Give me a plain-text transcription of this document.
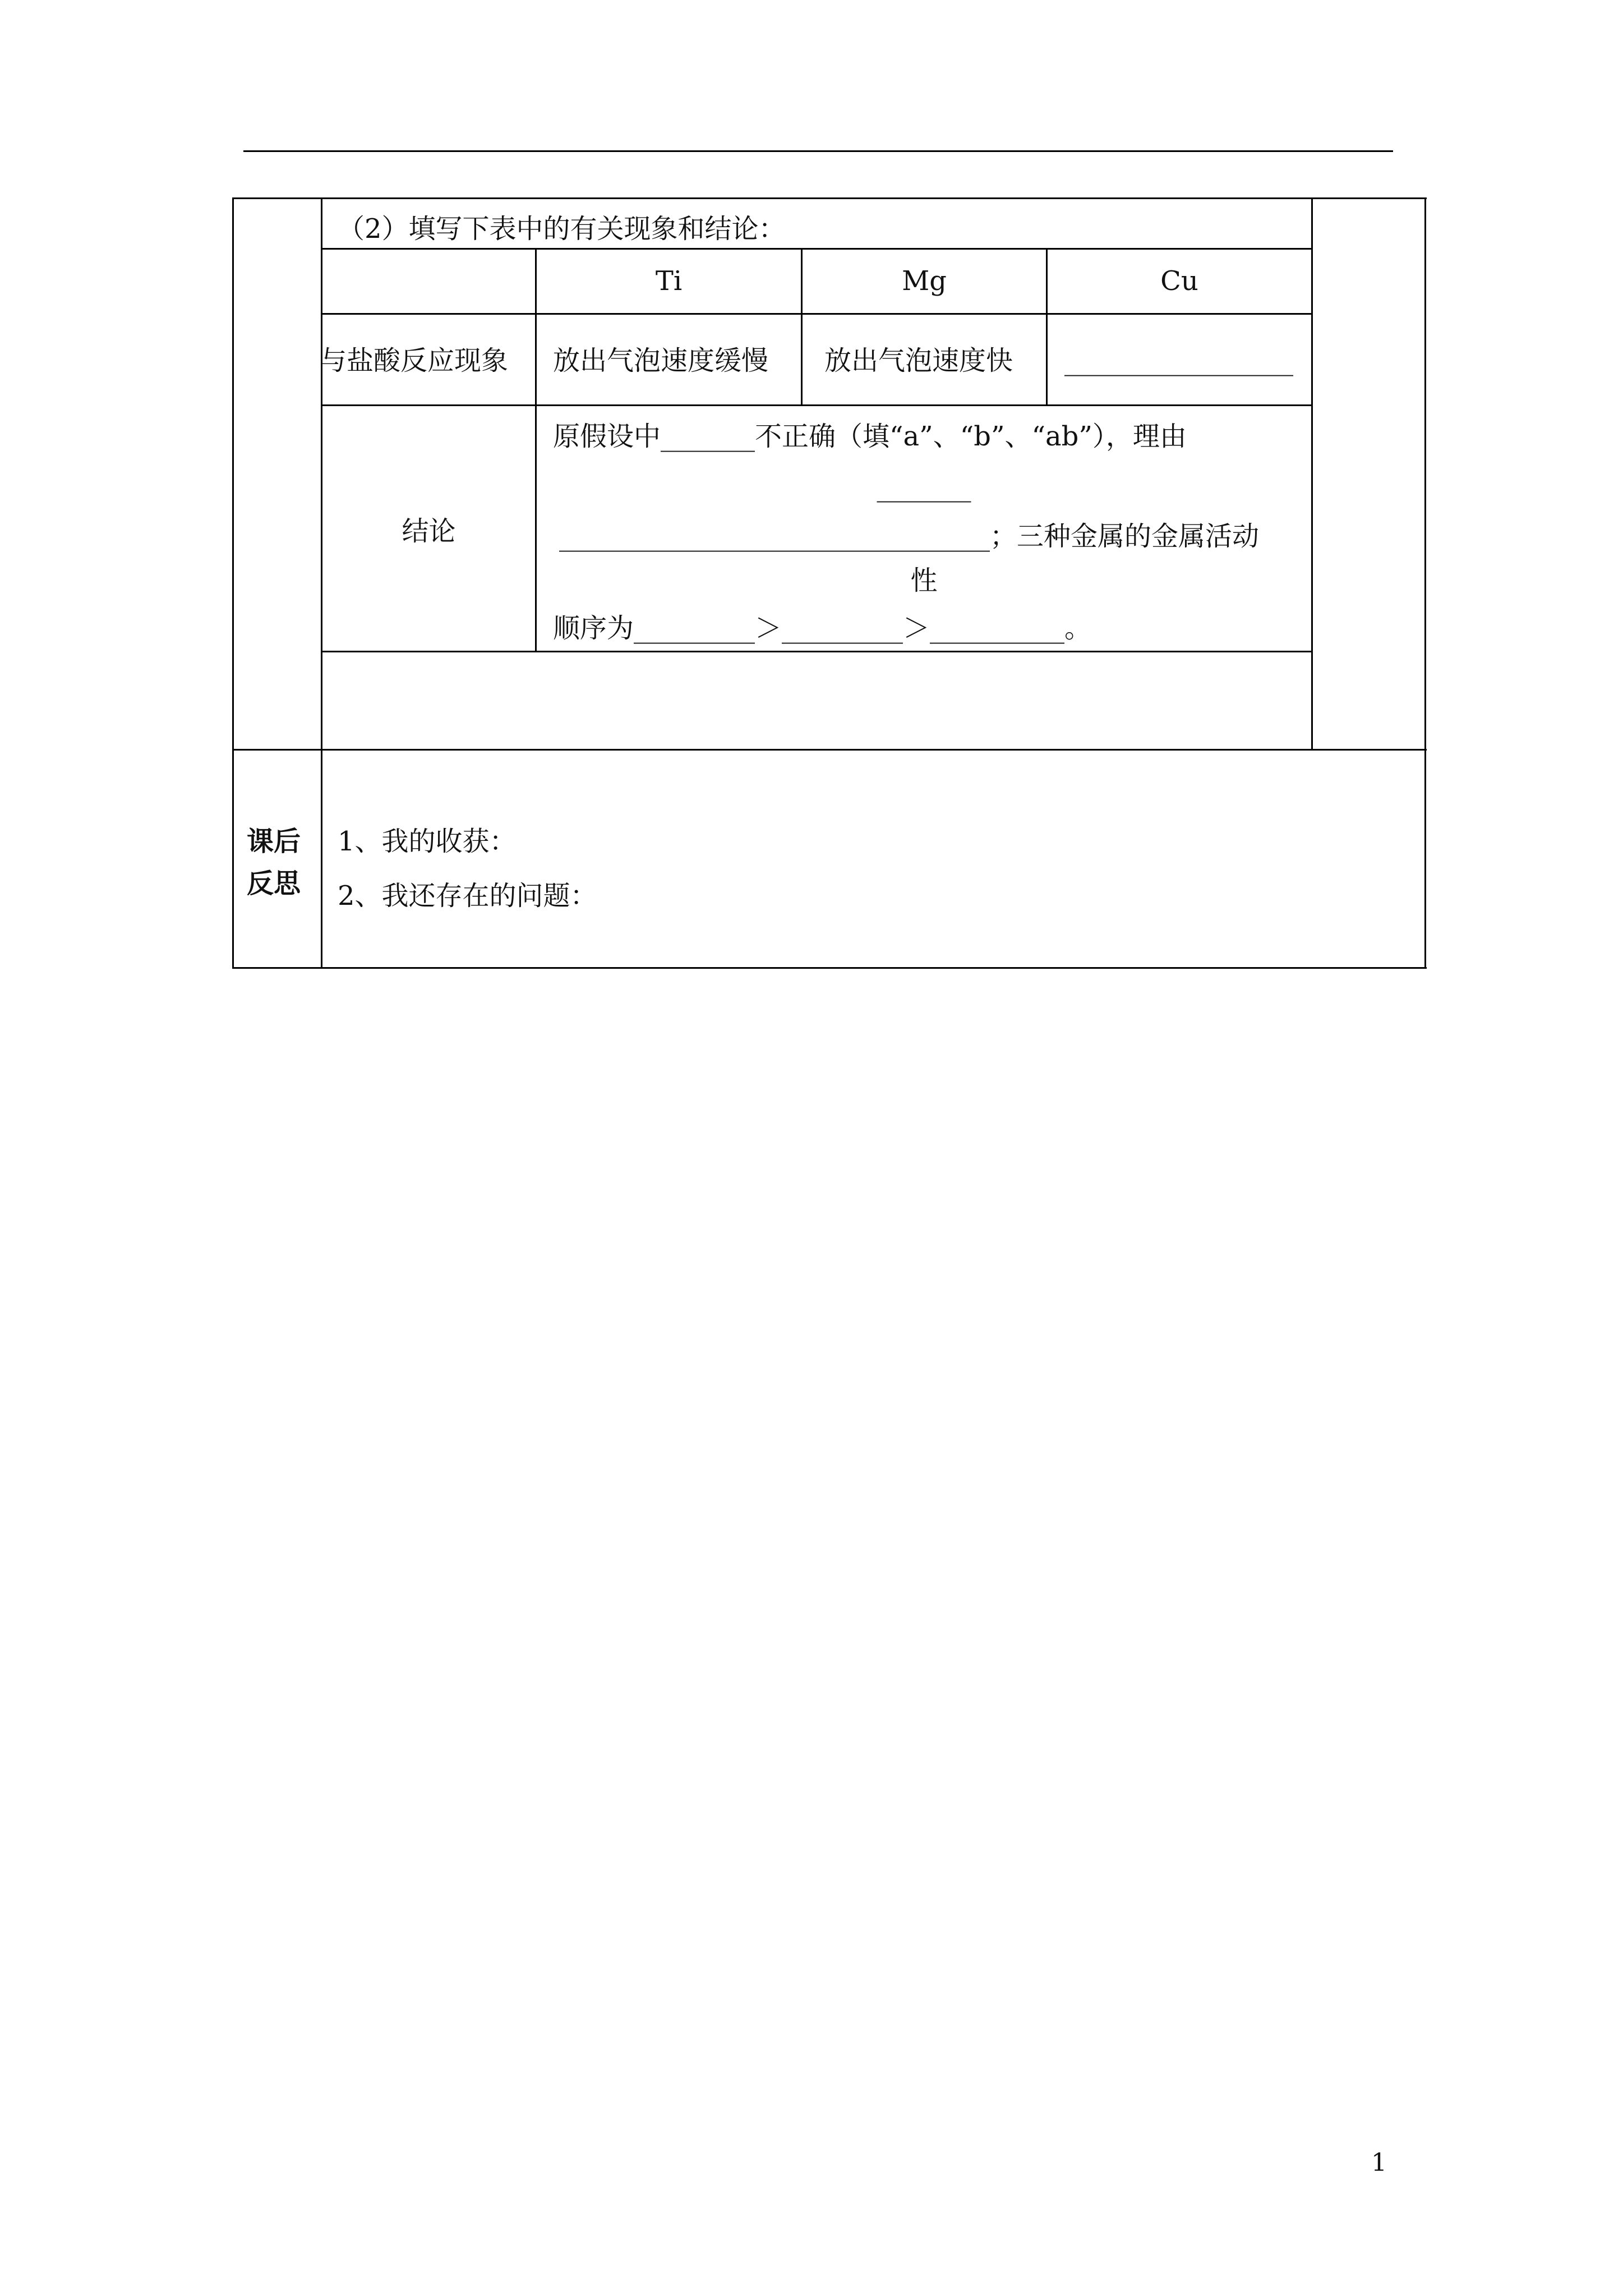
（2）填写下表中的有关现象和结论：
Ti	Mg	Cu
与盐酸反应现象 放出气泡速度缓慢 放出气泡速度快 _________________
结论
原假设中_______不正确（填“a”、“b”、“ab”），理由
_______
________________________________；三种金属的金属活动
性
顺序为_________＞_________＞__________。
课后
反思
1、我的收获：
2、我还存在的问题：
1
